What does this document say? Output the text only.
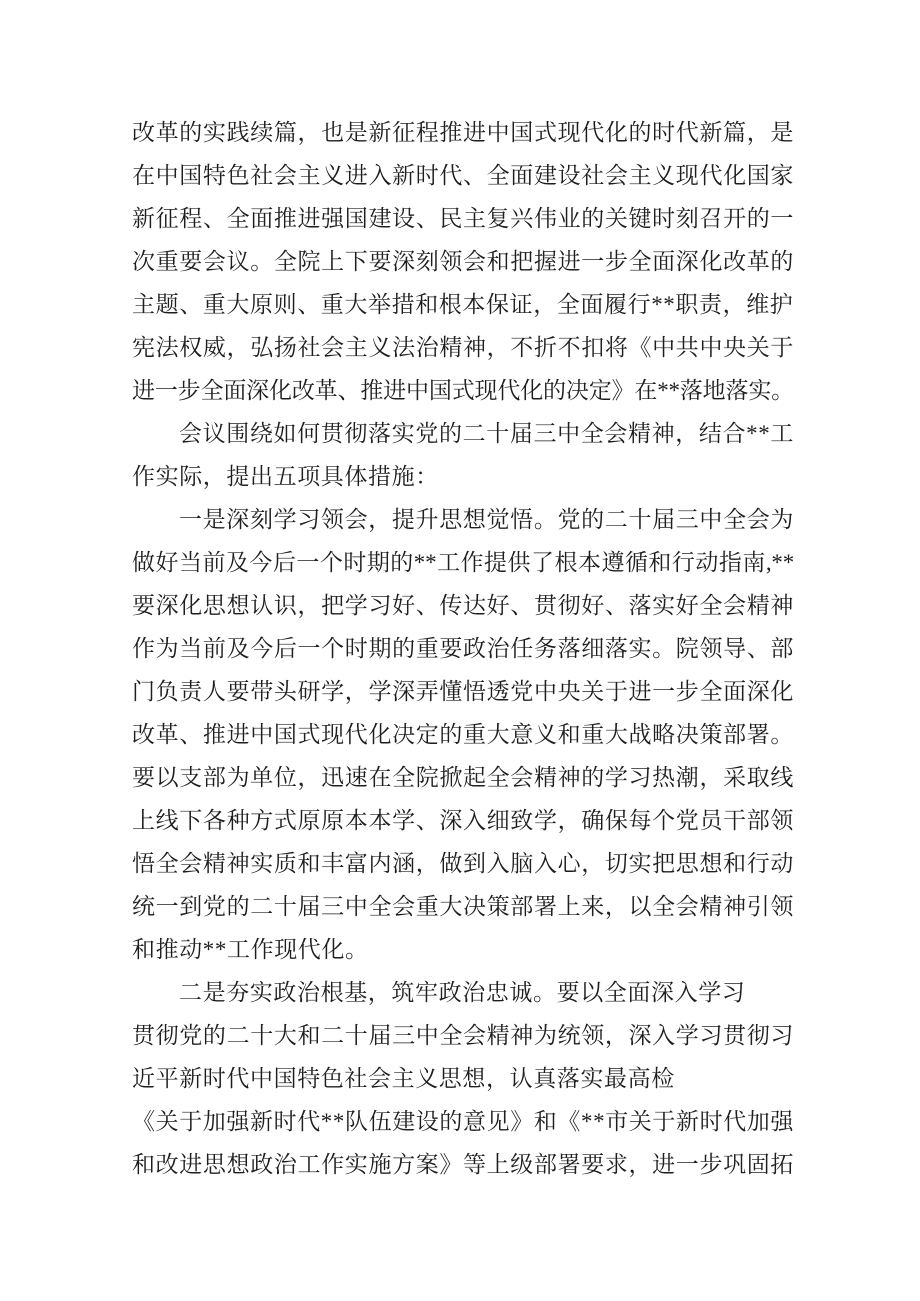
改革的实践续篇，也是新征程推进中国式现代化的时代新篇，是
在中国特色社会主义进入新时代、全面建设社会主义现代化国家
新征程、全面推进强国建设、民主复兴伟业的关键时刻召开的一
次重要会议。全院上下要深刻领会和把握进一步全面深化改革的
主题、重大原则、重大举措和根本保证，全面履行**职责，维护
宪法权威，弘扬社会主义法治精神，不折不扣将《中共中央关于
进一步全面深化改革、推进中国式现代化的决定》在**落地落实。
会议围绕如何贯彻落实党的二十届三中全会精神，结合**工
作实际，提出五项具体措施：
一是深刻学习领会，提升思想觉悟。党的二十届三中全会为
做好当前及今后一个时期的**工作提供了根本遵循和行动指南,**
要深化思想认识，把学习好、传达好、贯彻好、落实好全会精神
作为当前及今后一个时期的重要政治任务落细落实。院领导、部
门负责人要带头研学，学深弄懂悟透党中央关于进一步全面深化
改革、推进中国式现代化决定的重大意义和重大战略决策部署。
要以支部为单位，迅速在全院掀起全会精神的学习热潮，采取线
上线下各种方式原原本本学、深入细致学，确保每个党员干部领
悟全会精神实质和丰富内涵，做到入脑入心，切实把思想和行动
统一到党的二十届三中全会重大决策部署上来，以全会精神引领
和推动**工作现代化。
二是夯实政治根基，筑牢政治忠诚。要以全面深入学习
贯彻党的二十大和二十届三中全会精神为统领，深入学习贯彻习
近平新时代中国特色社会主义思想，认真落实最高检
《关于加强新时代**队伍建设的意见》和《**市关于新时代加强
和改进思想政治工作实施方案》等上级部署要求，进一步巩固拓
